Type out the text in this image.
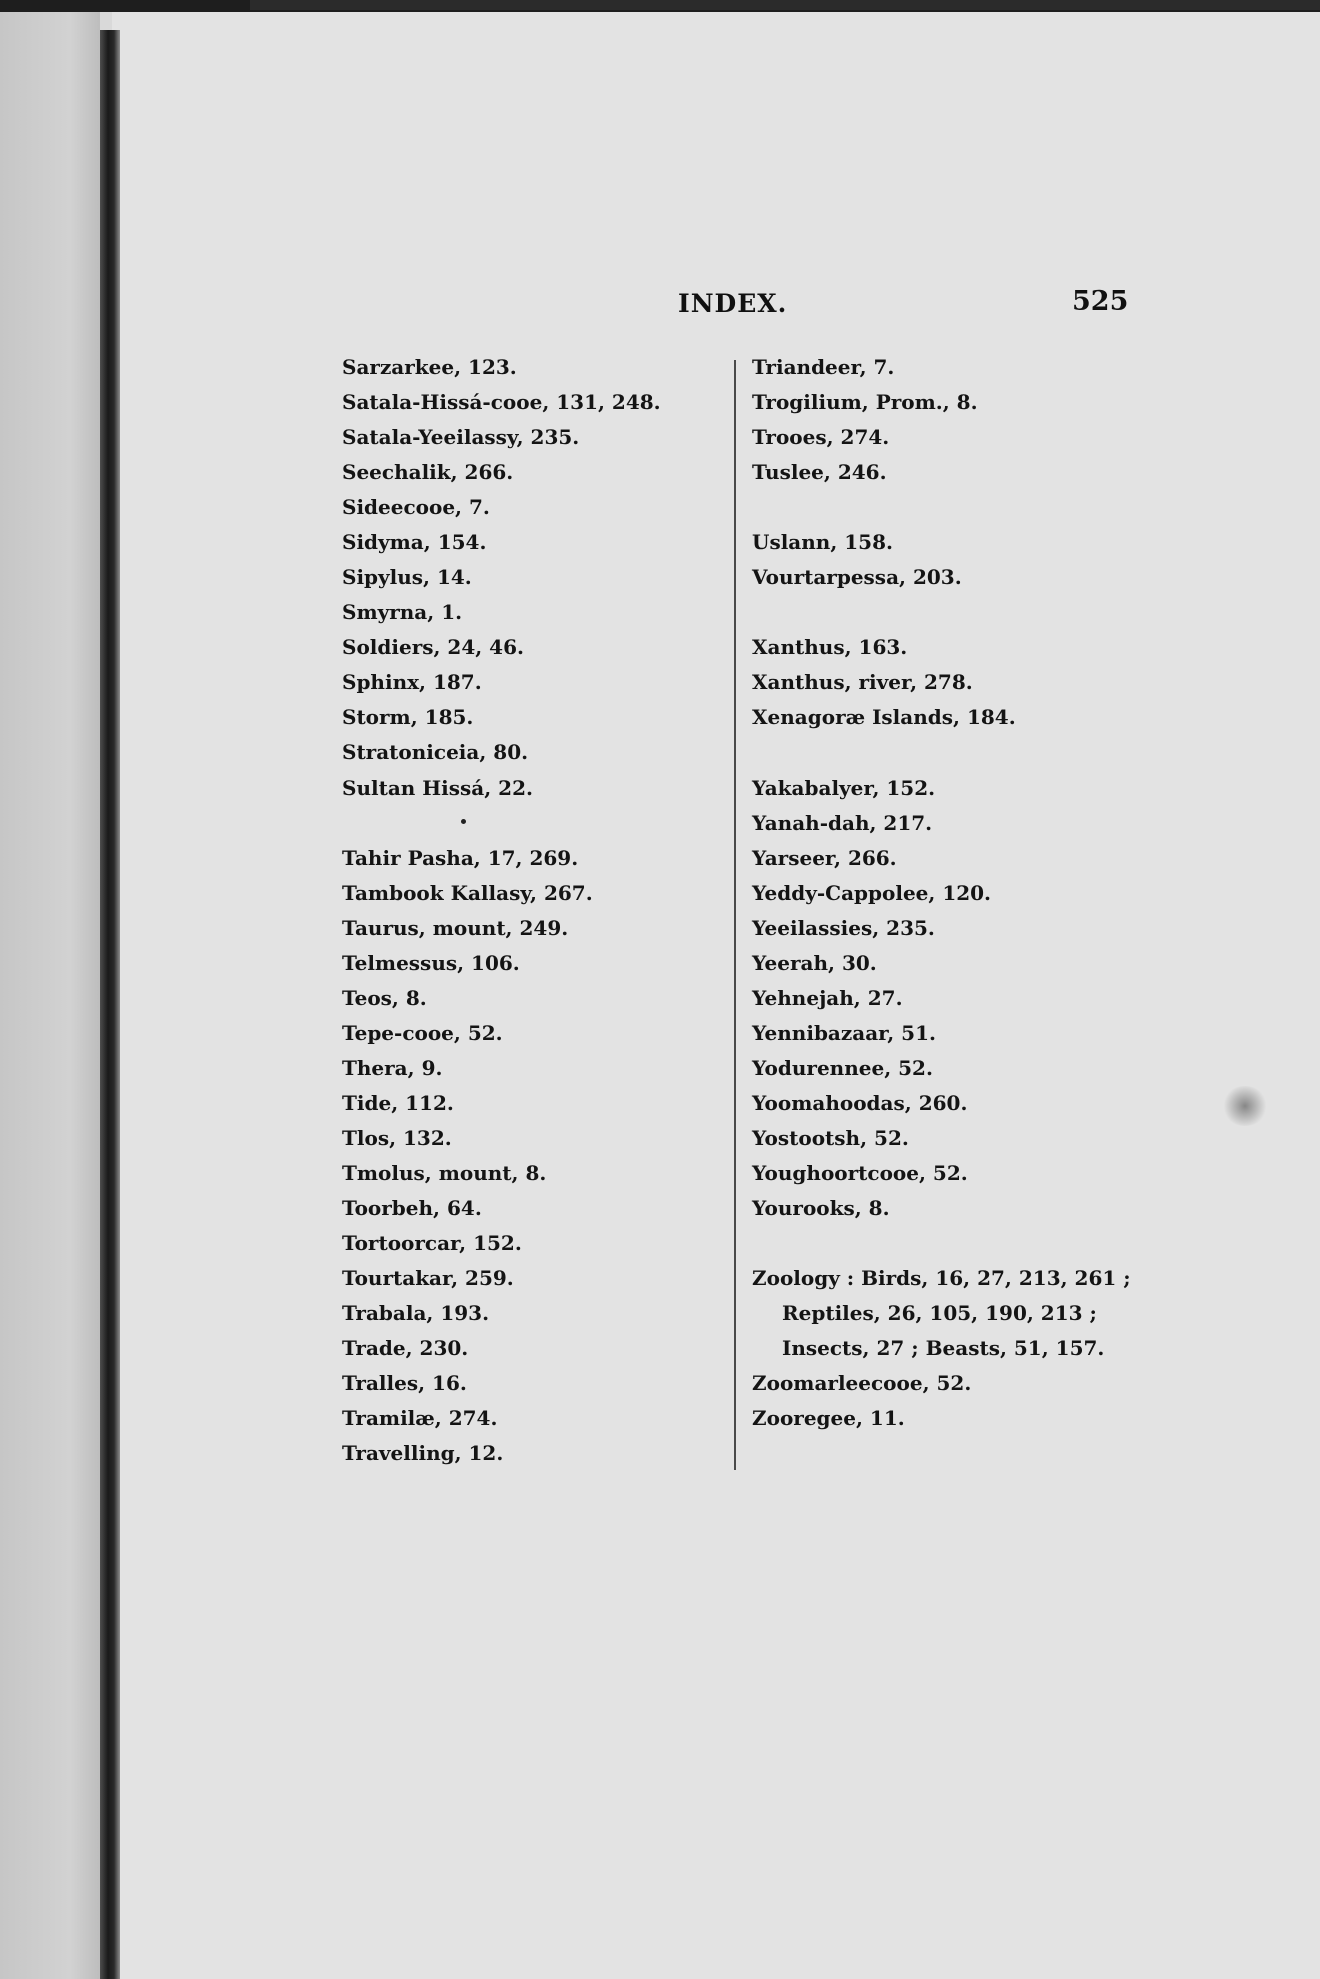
INDEX.	525
Sarzarkee, 123.
Satala-Hissá-cooe, 131, 248.
Satala-Yeeilassy, 235.
Seechalik, 266.
Sideecooe, 7.
Sidyma, 154.
Sipylus, 14.
Smyrna, 1.
Soldiers, 24, 46.
Sphinx, 187.
Storm, 185.
Stratoniceia, 80.
Sultan Hissá, 22.
Tahir Pasha, 17, 269.
Tambook Kallasy, 267.
Taurus, mount, 249.
Telmessus, 106.
Teos, 8.
Tepe-cooe, 52.
Thera, 9.
Tide, 112.
Tlos, 132.
Tmolus, mount, 8.
Toorbeh, 64.
Tortoorcar, 152.
Tourtakar, 259.
Trabala, 193.
Trade, 230.
Tralles, 16.
Tramilæ, 274.
Travelling, 12.
Triandeer, 7.
Trogilium, Prom., 8.
Trooes, 274.
Tuslee, 246.
Uslann, 158.
Vourtarpessa, 203.
Xanthus, 163.
Xanthus, river, 278.
Xenagoræ Islands, 184.
Yakabalyer, 152.
Yanah-dah, 217.
Yarseer, 266.
Yeddy-Cappolee, 120.
Yeeilassies, 235.
Yeerah, 30.
Yehnejah, 27.
Yennibazaar, 51.
Yodurennee, 52.
Yoomahoodas, 260.
Yostootsh, 52.
Youghoortcooe, 52.
Yourooks, 8.
Zoology : Birds, 16, 27, 213, 261 ;
Reptiles, 26, 105, 190, 213 ;
Insects, 27 ; Beasts, 51, 157.
Zoomarleecooe, 52.
Zooregee, 11.
